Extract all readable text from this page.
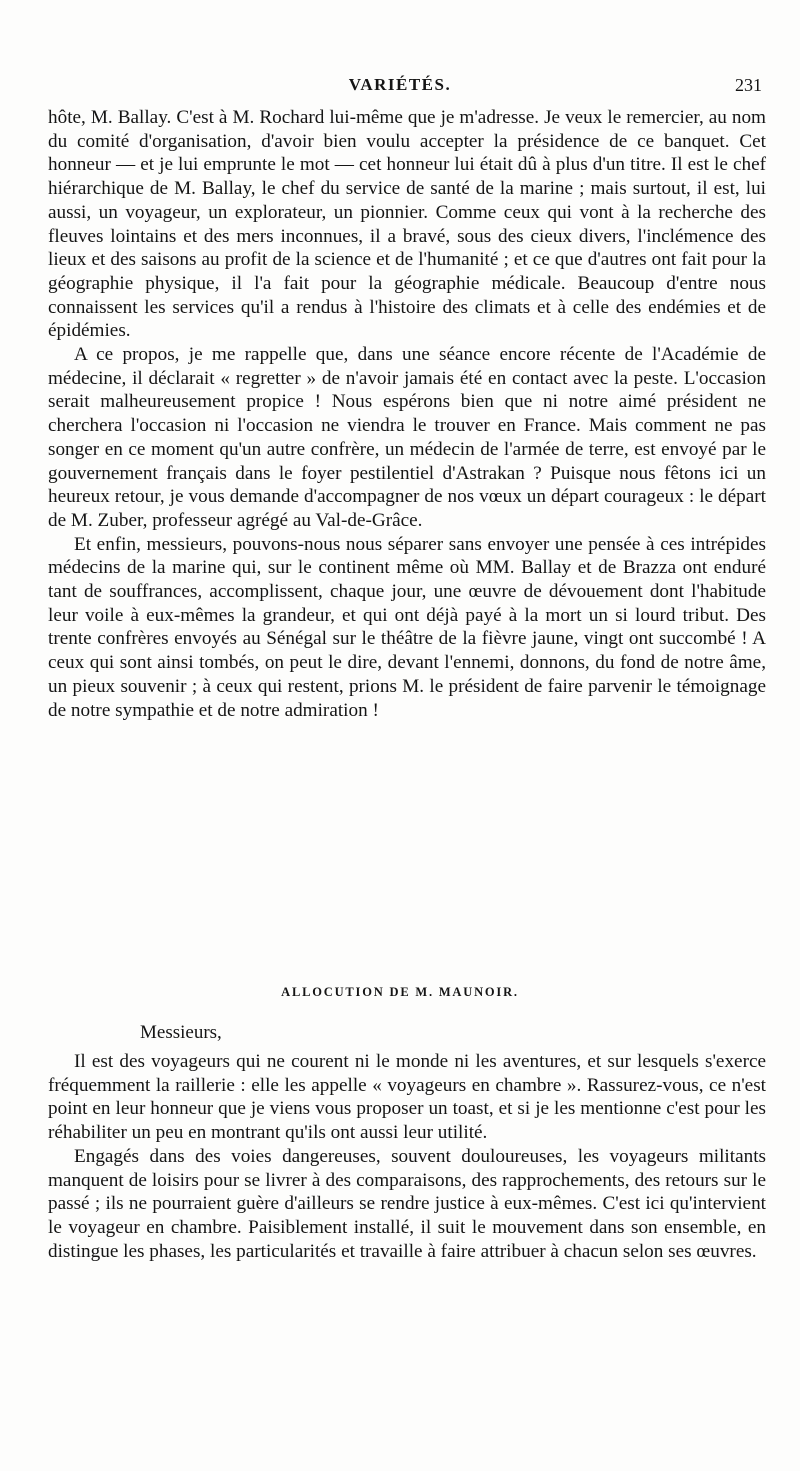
VARIÉTÉS.	231

hôte, M. Ballay. C'est à M. Rochard lui-même que je m'adresse. Je veux le remercier, au nom du comité d'organisation, d'avoir bien voulu accepter la présidence de ce banquet. Cet honneur — et je lui emprunte le mot — cet honneur lui était dû à plus d'un titre. Il est le chef hiérarchique de M. Ballay, le chef du service de santé de la marine ; mais surtout, il est, lui aussi, un voyageur, un explorateur, un pionnier. Comme ceux qui vont à la recherche des fleuves lointains et des mers inconnues, il a bravé, sous des cieux divers, l'inclémence des lieux et des saisons au profit de la science et de l'humanité ; et ce que d'autres ont fait pour la géographie physique, il l'a fait pour la géographie médicale. Beaucoup d'entre nous connaissent les services qu'il a rendus à l'histoire des climats et à celle des endémies et de épidémies.

A ce propos, je me rappelle que, dans une séance encore récente de l'Académie de médecine, il déclarait « regretter » de n'avoir jamais été en contact avec la peste. L'occasion serait malheureusement propice ! Nous espérons bien que ni notre aimé président ne cherchera l'occasion ni l'occasion ne viendra le trouver en France. Mais comment ne pas songer en ce moment qu'un autre confrère, un médecin de l'armée de terre, est envoyé par le gouvernement français dans le foyer pestilentiel d'Astrakan ? Puisque nous fêtons ici un heureux retour, je vous demande d'accompagner de nos vœux un départ courageux : le départ de M. Zuber, professeur agrégé au Val-de-Grâce.

Et enfin, messieurs, pouvons-nous nous séparer sans envoyer une pensée à ces intrépides médecins de la marine qui, sur le continent même où MM. Ballay et de Brazza ont enduré tant de souffrances, accomplissent, chaque jour, une œuvre de dévouement dont l'habitude leur voile à eux-mêmes la grandeur, et qui ont déjà payé à la mort un si lourd tribut. Des trente confrères envoyés au Sénégal sur le théâtre de la fièvre jaune, vingt ont succombé ! A ceux qui sont ainsi tombés, on peut le dire, devant l'ennemi, donnons, du fond de notre âme, un pieux souvenir ; à ceux qui restent, prions M. le président de faire parvenir le témoignage de notre sympathie et de notre admiration !

ALLOCUTION DE M. MAUNOIR.
Messieurs,

Il est des voyageurs qui ne courent ni le monde ni les aventures, et sur lesquels s'exerce fréquemment la raillerie : elle les appelle « voyageurs en chambre ». Rassurez-vous, ce n'est point en leur honneur que je viens vous proposer un toast, et si je les mentionne c'est pour les réhabiliter un peu en montrant qu'ils ont aussi leur utilité.

Engagés dans des voies dangereuses, souvent douloureuses, les voyageurs militants manquent de loisirs pour se livrer à des comparaisons, des rapprochements, des retours sur le passé ; ils ne pourraient guère d'ailleurs se rendre justice à eux-mêmes. C'est ici qu'intervient le voyageur en chambre. Paisiblement installé, il suit le mouvement dans son ensemble, en distingue les phases, les particularités et travaille à faire attribuer à chacun selon ses œuvres.
